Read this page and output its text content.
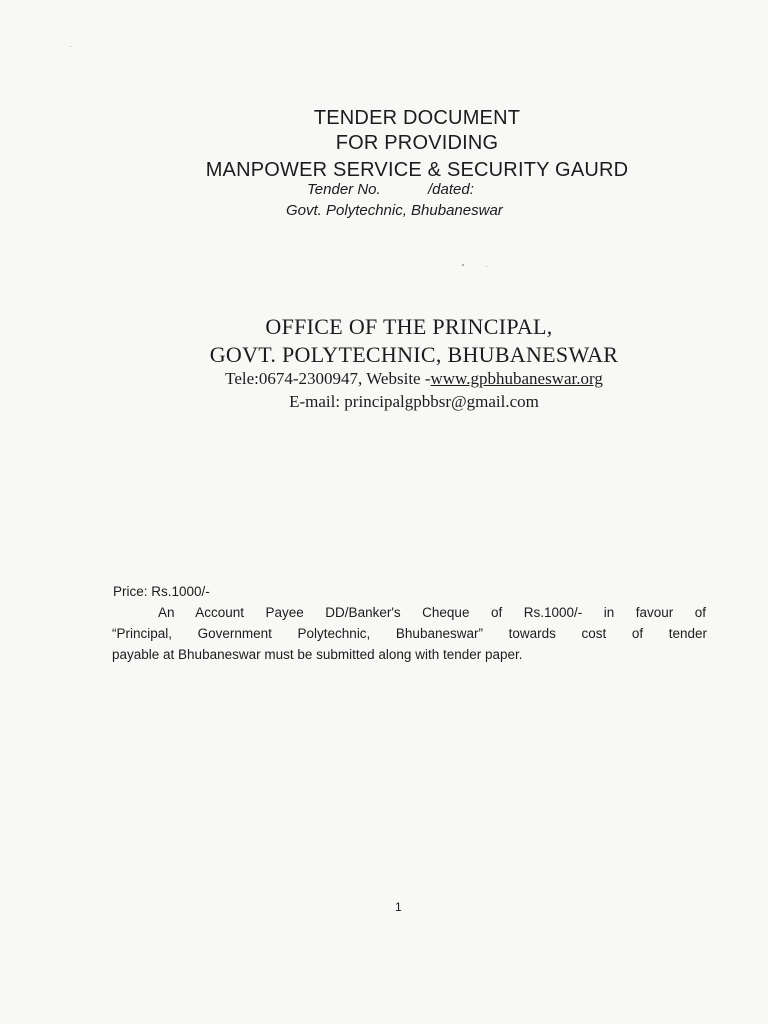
TENDER DOCUMENT
FOR PROVIDING
MANPOWER SERVICE & SECURITY GAURD
Tender No.	/dated:
Govt. Polytechnic, Bhubaneswar
OFFICE OF THE PRINCIPAL,
GOVT. POLYTECHNIC, BHUBANESWAR
Tele:0674-2300947, Website -www.gpbhubaneswar.org
E-mail: principalgpbbsr@gmail.com
Price: Rs.1000/-
An Account Payee DD/Banker's Cheque of Rs.1000/- in favour of
“Principal, Government Polytechnic, Bhubaneswar” towards cost of tender
payable at Bhubaneswar must be submitted along with tender paper.
1
